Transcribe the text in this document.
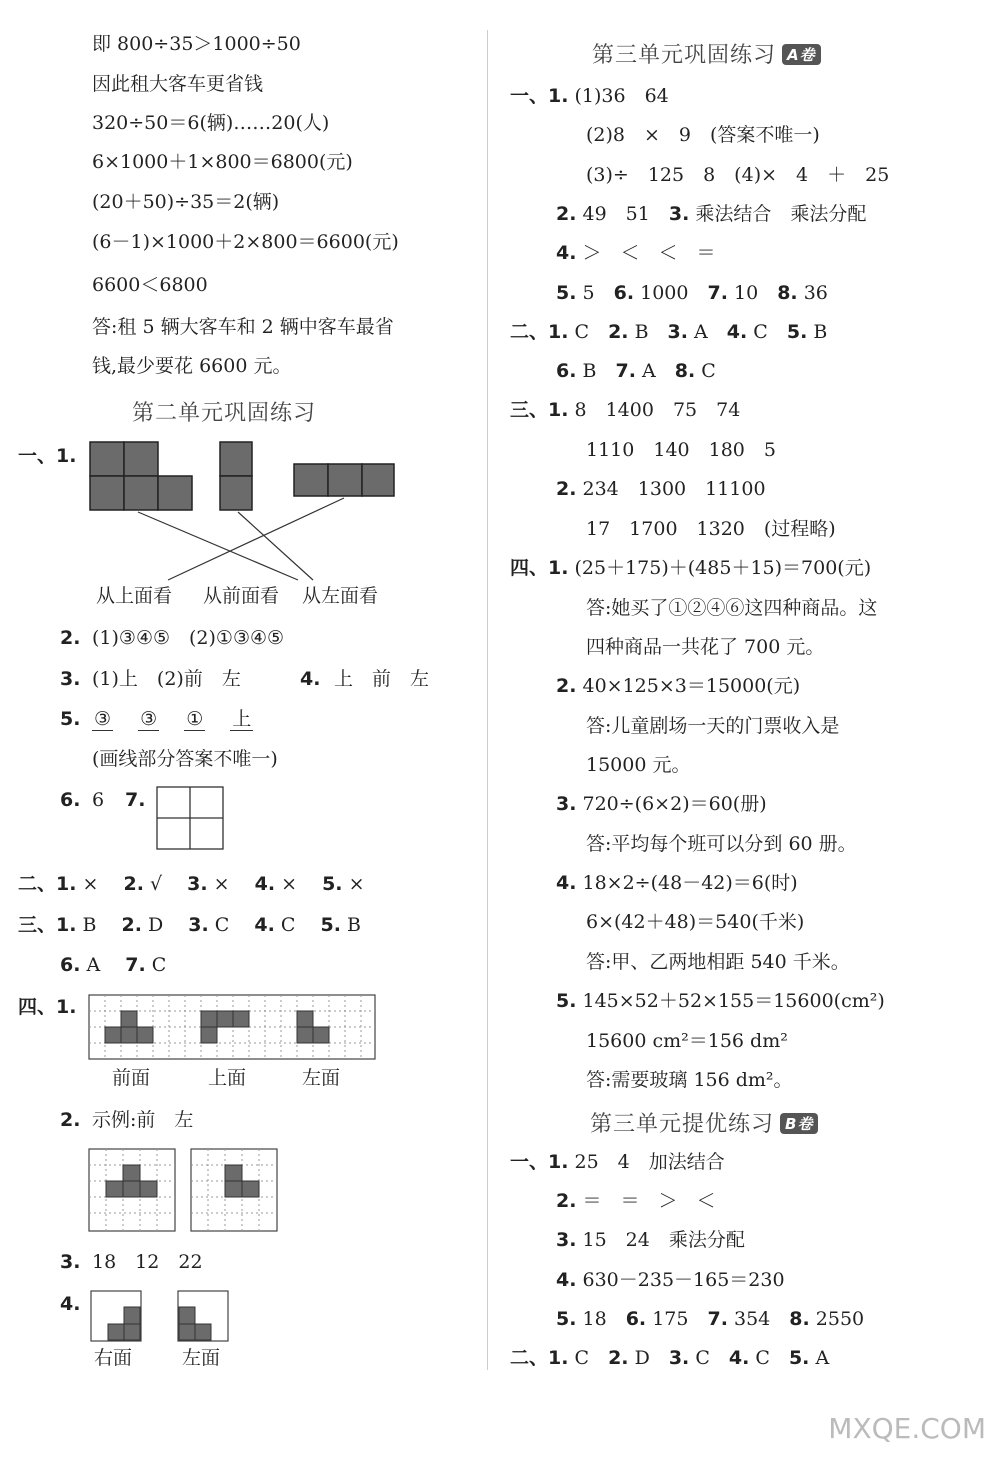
即 800÷35＞1000÷50
因此租大客车更省钱
320÷50＝6(辆)……20(人)
6×1000＋1×800＝6800(元)
(20＋50)÷35＝2(辆)
(6－1)×1000＋2×800＝6600(元)
6600＜6800
答:租 5 辆大客车和 2 辆中客车最省
钱,最少要花 6600 元。
第二单元巩固练习
一、1.
从上面看 从前面看 从左面看
2. (1)③④⑤　(2)①③④⑤
3. (1)上　(2)前　左	4. 上　前　左
5. ③　 ③　 ①　 上
(画线部分答案不唯一)
6. 6 7.
二、1. ×　 2. √　 3. ×　 4. ×　 5. ×
三、1. B　 2. D　 3. C　 4. C　 5. B
6. A　 7. C
四、1.
前面	上面	左面
2. 示例:前　左
3. 18　12　22
4.
右面	左面
第三单元巩固练习 A卷
一、1. (1)36　64
(2)8　×　9　(答案不唯一)
(3)÷　125　8　(4)×　4　＋　25
2. 49　51　 3. 乘法结合　乘法分配
4. ＞　＜　＜　＝
5. 5　 6. 1000　 7. 10　 8. 36
二、1. C　 2. B　 3. A　 4. C　 5. B
6. B　 7. A　 8. C
三、1. 8　1400　75　74
1110　140　180　5
2. 234　1300　11100
17　1700　1320　(过程略)
四、1. (25＋175)＋(485＋15)＝700(元)
答:她买了①②④⑥这四种商品。这
四种商品一共花了 700 元。
2. 40×125×3＝15000(元)
答:儿童剧场一天的门票收入是
15000 元。
3. 720÷(6×2)＝60(册)
答:平均每个班可以分到 60 册。
4. 18×2÷(48－42)＝6(时)
6×(42＋48)＝540(千米)
答:甲、乙两地相距 540 千米。
5. 145×52＋52×155＝15600(cm²)
15600 cm²＝156 dm²
答:需要玻璃 156 dm²。
第三单元提优练习 B卷
一、1. 25　4　加法结合
2. ＝　＝　＞　＜
3. 15　24　乘法分配
4. 630－235－165＝230
5. 18　 6. 175　 7. 354　 8. 2550
二、1. C　 2. D　 3. C　 4. C　 5. A
MXQE.COM
